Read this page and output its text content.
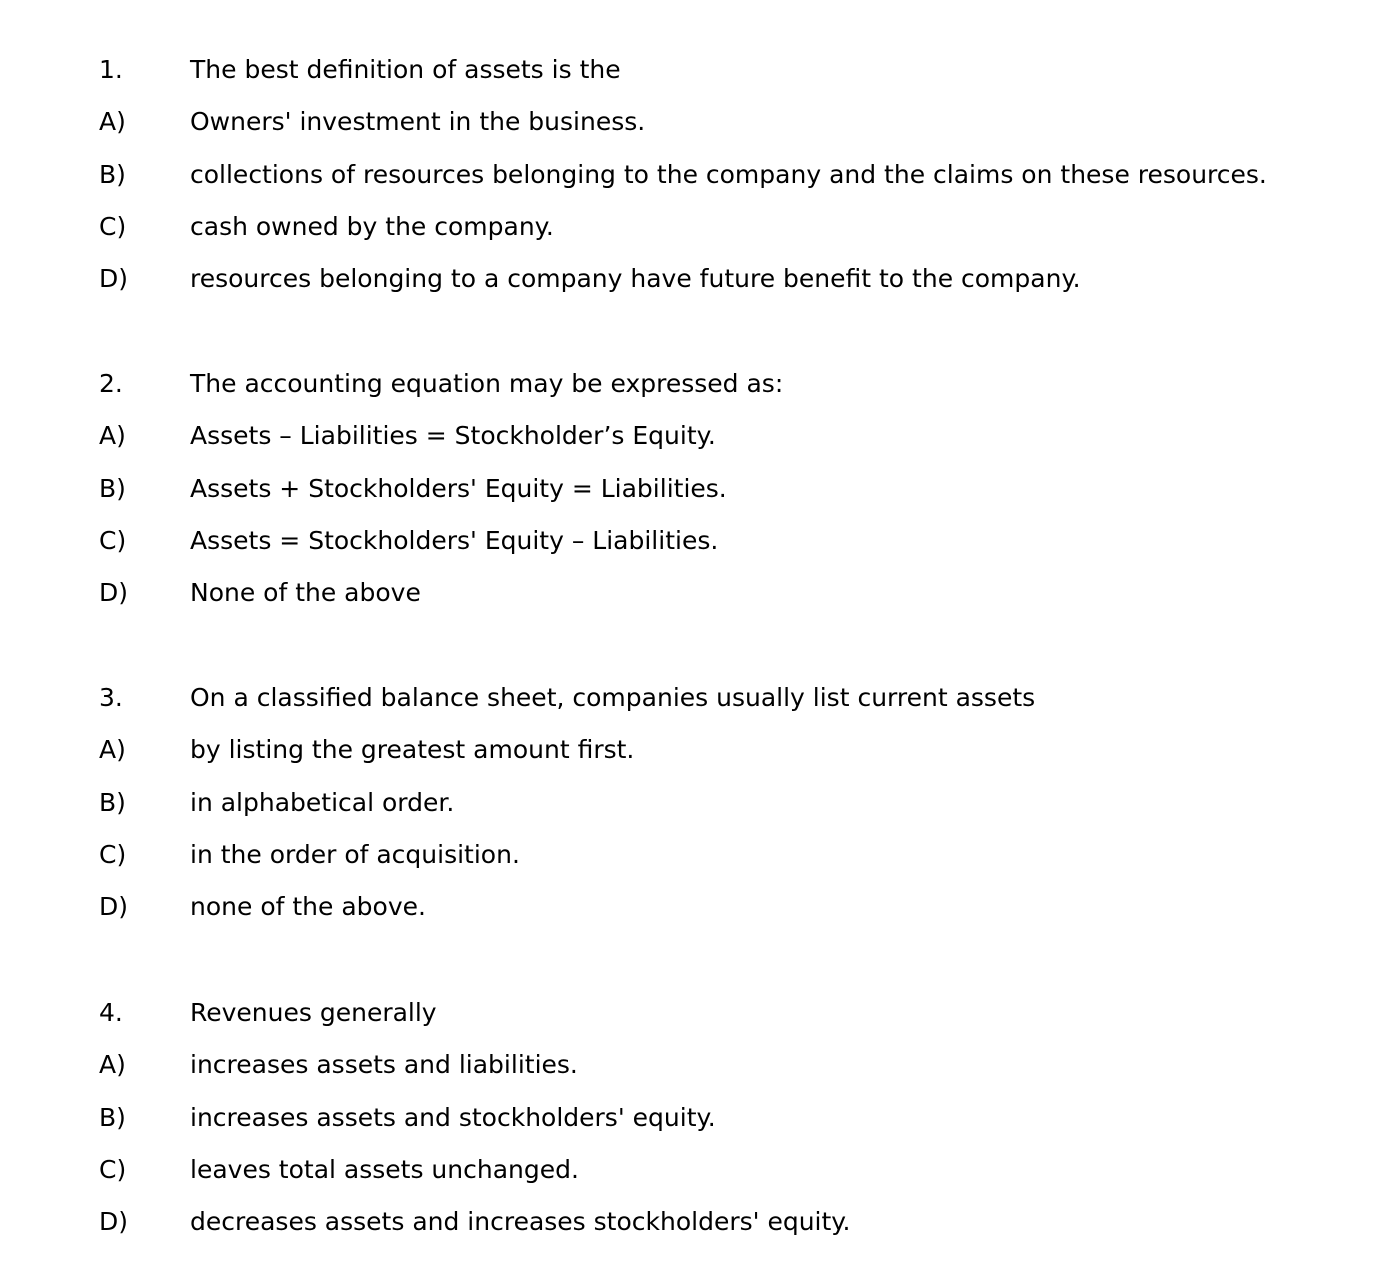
1.	The best definition of assets is the
A)	Owners' investment in the business.
B)	collections of resources belonging to the company and the claims on these resources.
C)	cash owned by the company.
D) resources belonging to a company have future benefit to the company.
2.	The accounting equation may be expressed as:
A)	Assets – Liabilities = Stockholder’s Equity.
B)	Assets + Stockholders' Equity = Liabilities.
C)	Assets = Stockholders' Equity – Liabilities.
D) None of the above
3.	On a classified balance sheet, companies usually list current assets
A)	by listing the greatest amount first.
B)	in alphabetical order.
C)	in the order of acquisition.
D) none of the above.
4.	Revenues generally
A)	increases assets and liabilities.
B)	increases assets and stockholders' equity.
C)	leaves total assets unchanged.
D) decreases assets and increases stockholders' equity.
